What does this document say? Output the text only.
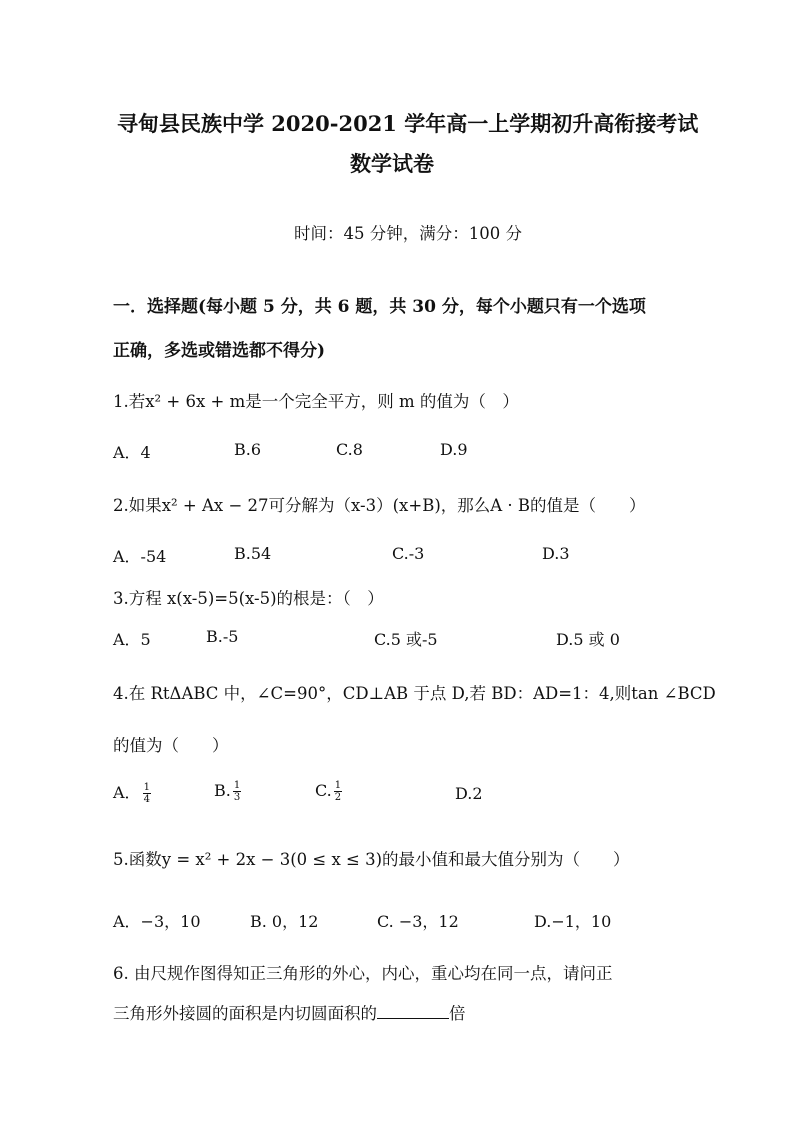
寻甸县民族中学 2020-2021 学年高一上学期初升高衔接考试
数学试卷
时间：45 分钟，满分：100 分
一．选择题(每小题 5 分，共 6 题，共 30 分，每个小题只有一个选项
正确，多选或错选都不得分)
1.若x² + 6x + m是一个完全平方，则 m 的值为（　）
A．4	B.6	C.8	D.9
2.如果x² + Ax − 27可分解为（x-3）(x+B)，那么A · B的值是（　　）
A．-54	B.54	C.-3	D.3
3.方程 x(x-5)=5(x-5)的根是：（　）
A．5	B.-5	C.5 或-5	D.5 或 0
4.在 RtΔABC 中，∠C=90°，CD⊥AB 于点 D,若 BD：AD=1：4,则tan ∠BCD
的值为（　　）
A． $\frac{1}{4}$	B. $\frac{1}{3}$	C. $\frac{1}{2}$	D.2
5.函数y = x² + 2x − 3(0 ≤ x ≤ 3)的最小值和最大值分别为（　　）
A．−3，10	B. 0，12	C. −3，12	D.−1，10
6. 由尺规作图得知正三角形的外心，内心，重心均在同一点，请问正
三角形外接圆的面积是内切圆面积的	倍
